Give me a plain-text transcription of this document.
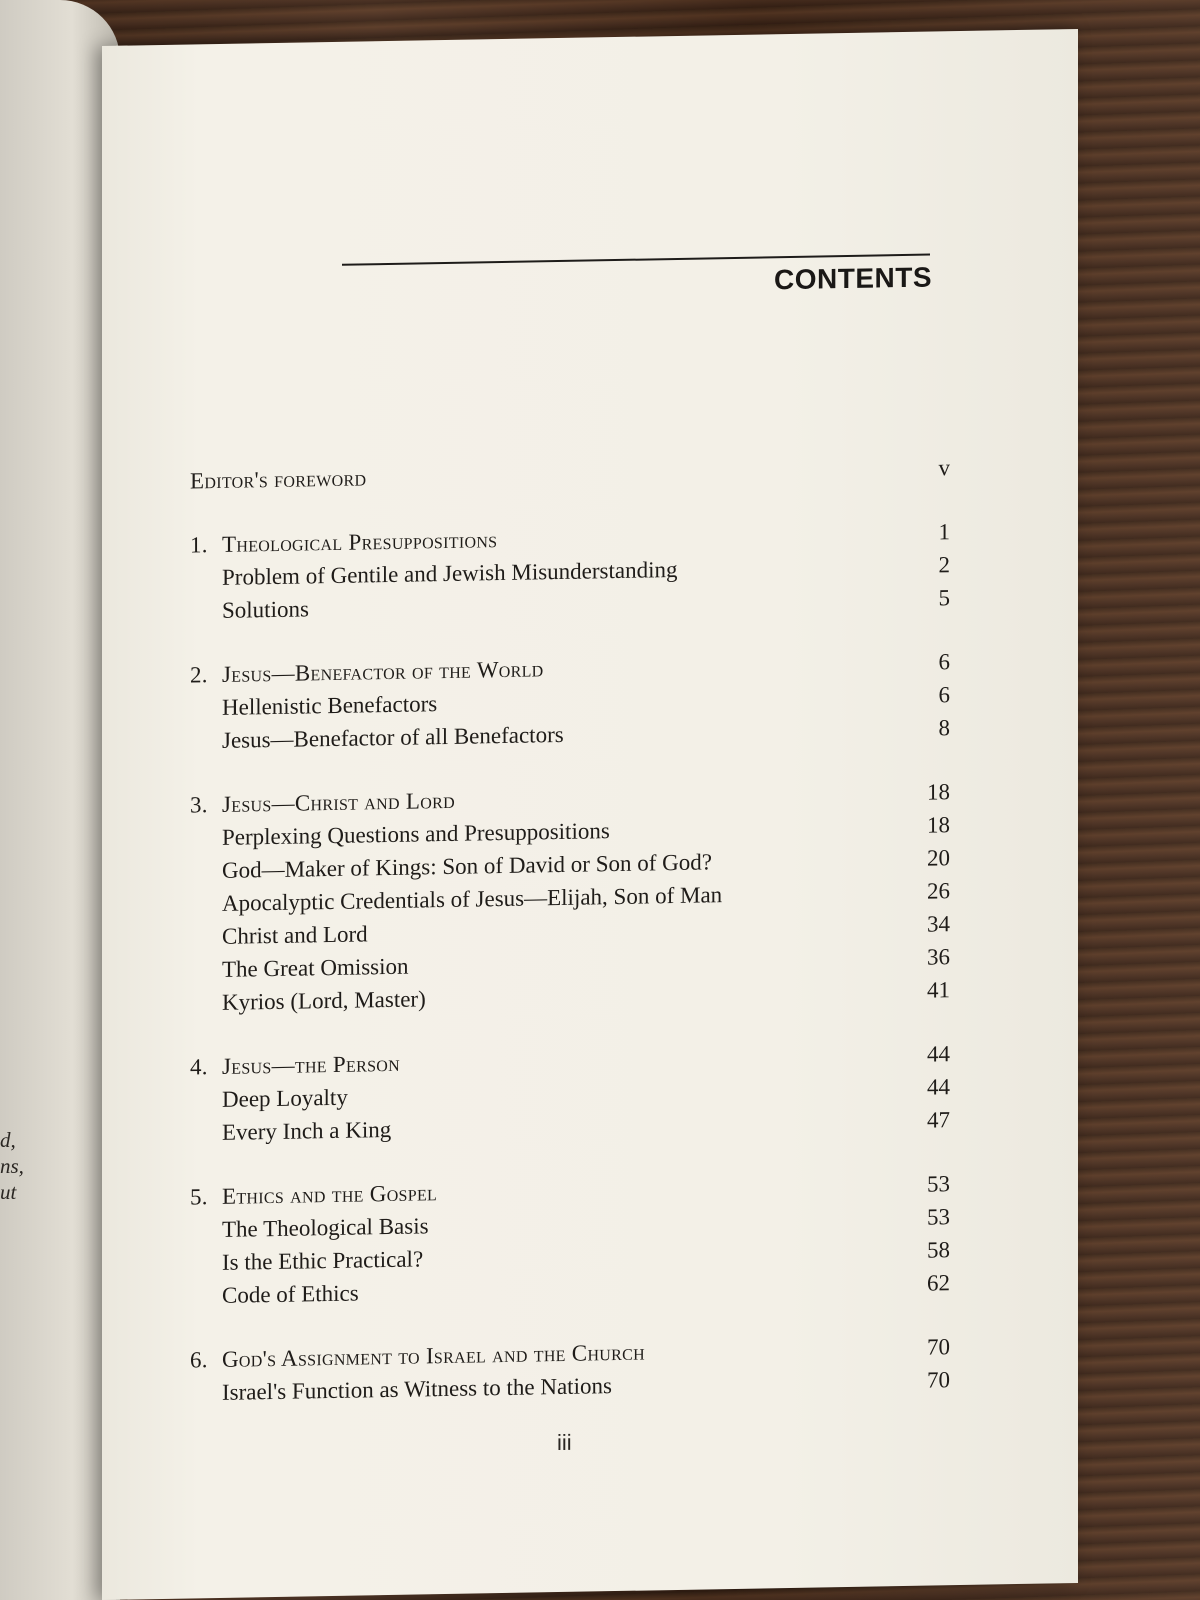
d,
ns,
ut
CONTENTS
Editor's foreword	v
1. Theological Presuppositions	1
Problem of Gentile and Jewish Misunderstanding	2
Solutions	5
2. Jesus—Benefactor of the World	6
Hellenistic Benefactors	6
Jesus—Benefactor of all Benefactors	8
3. Jesus—Christ and Lord	18
Perplexing Questions and Presuppositions	18
God—Maker of Kings: Son of David or Son of God?	20
Apocalyptic Credentials of Jesus—Elijah, Son of Man	26
Christ and Lord	34
The Great Omission	36
Kyrios (Lord, Master)	41
4. Jesus—the Person	44
Deep Loyalty	44
Every Inch a King	47
5. Ethics and the Gospel	53
The Theological Basis	53
Is the Ethic Practical?	58
Code of Ethics	62
6. God's Assignment to Israel and the Church	70
Israel's Function as Witness to the Nations	70
iii
